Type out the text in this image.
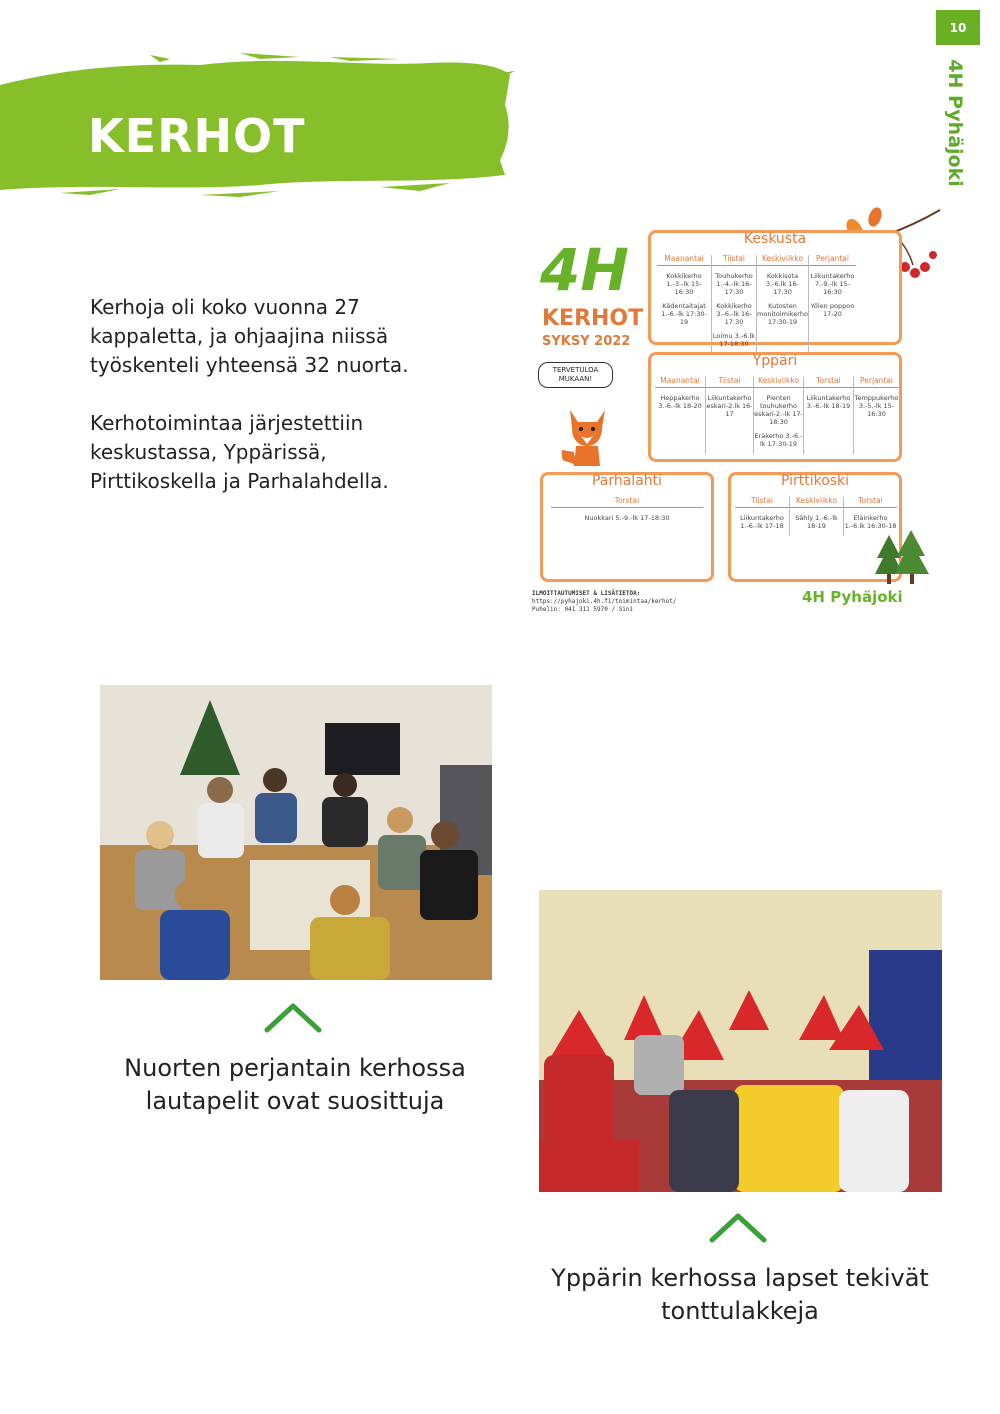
10
4H Pyhäjoki
KERHOT

Kerhoja oli koko vuonna 27 kappaletta, ja ohjaajina niissä työskenteli yhteensä 32 nuorta.

Kerhotoimintaa järjestettiin keskustassa, Yppärissä, Pirttikoskella ja Parhalahdella.

4H
KERHOT
SYKSY 2022
TERVETULOA MUKAAN!
Keskusta
Maanantai
Kokkikerho 1.-3.-lk 15-16:30
Kädentaitajat 1.-6.-lk 17:30-19
Tiistai
Touhukerho 1.-4.-lk 16-17:30
Kokkikerho 3.-6.-lk 16-17:30
Loimu 3.-6.lk 17-18:30
Keskiviikko
Kokkisota 3.-6.lk 16-17:30
Kutosten monitoimikerho 17:30-19
Perjantai
Liikuntakerho 7.-9.-lk 15-16:30
Yölen poppoo 17-20
Yppäri
Maanantai
Heppakerho 3.-6.-lk 18-20
Tiistai
Liikuntakerho eskari-2.lk 16-17
Keskiviikko
Pienten touhukerho eskari-2.-lk 17-18:30
Eräkerho 3.-6.-lk 17:30-19
Torstai
Liikuntakerho 3.-6.-lk 18-19
Perjantai
Temppukerho 3.-5.-lk 15-16:30
Parhalahti
Torstai
Nuokkari 5.-9.-lk 17-18:30
Pirttikoski
Tiistai
Liikuntakerho 1.-6.-lk 17-18
Keskiviikko
Sähly 1.-6.-lk 18-19
Torstai
Eläinkerho 1.-6.lk 16:30-18
ILMOITTAUTUMISET & LISÄTIETOA:
https://pyhajoki.4h.fi/toimintaa/kerhot/
Puhelin: 041 311 5970 / Sini
4H Pyhäjoki
Nuorten perjantain kerhossa lautapelit ovat suosittuja
Yppärin kerhossa lapset tekivät tonttulakkeja
